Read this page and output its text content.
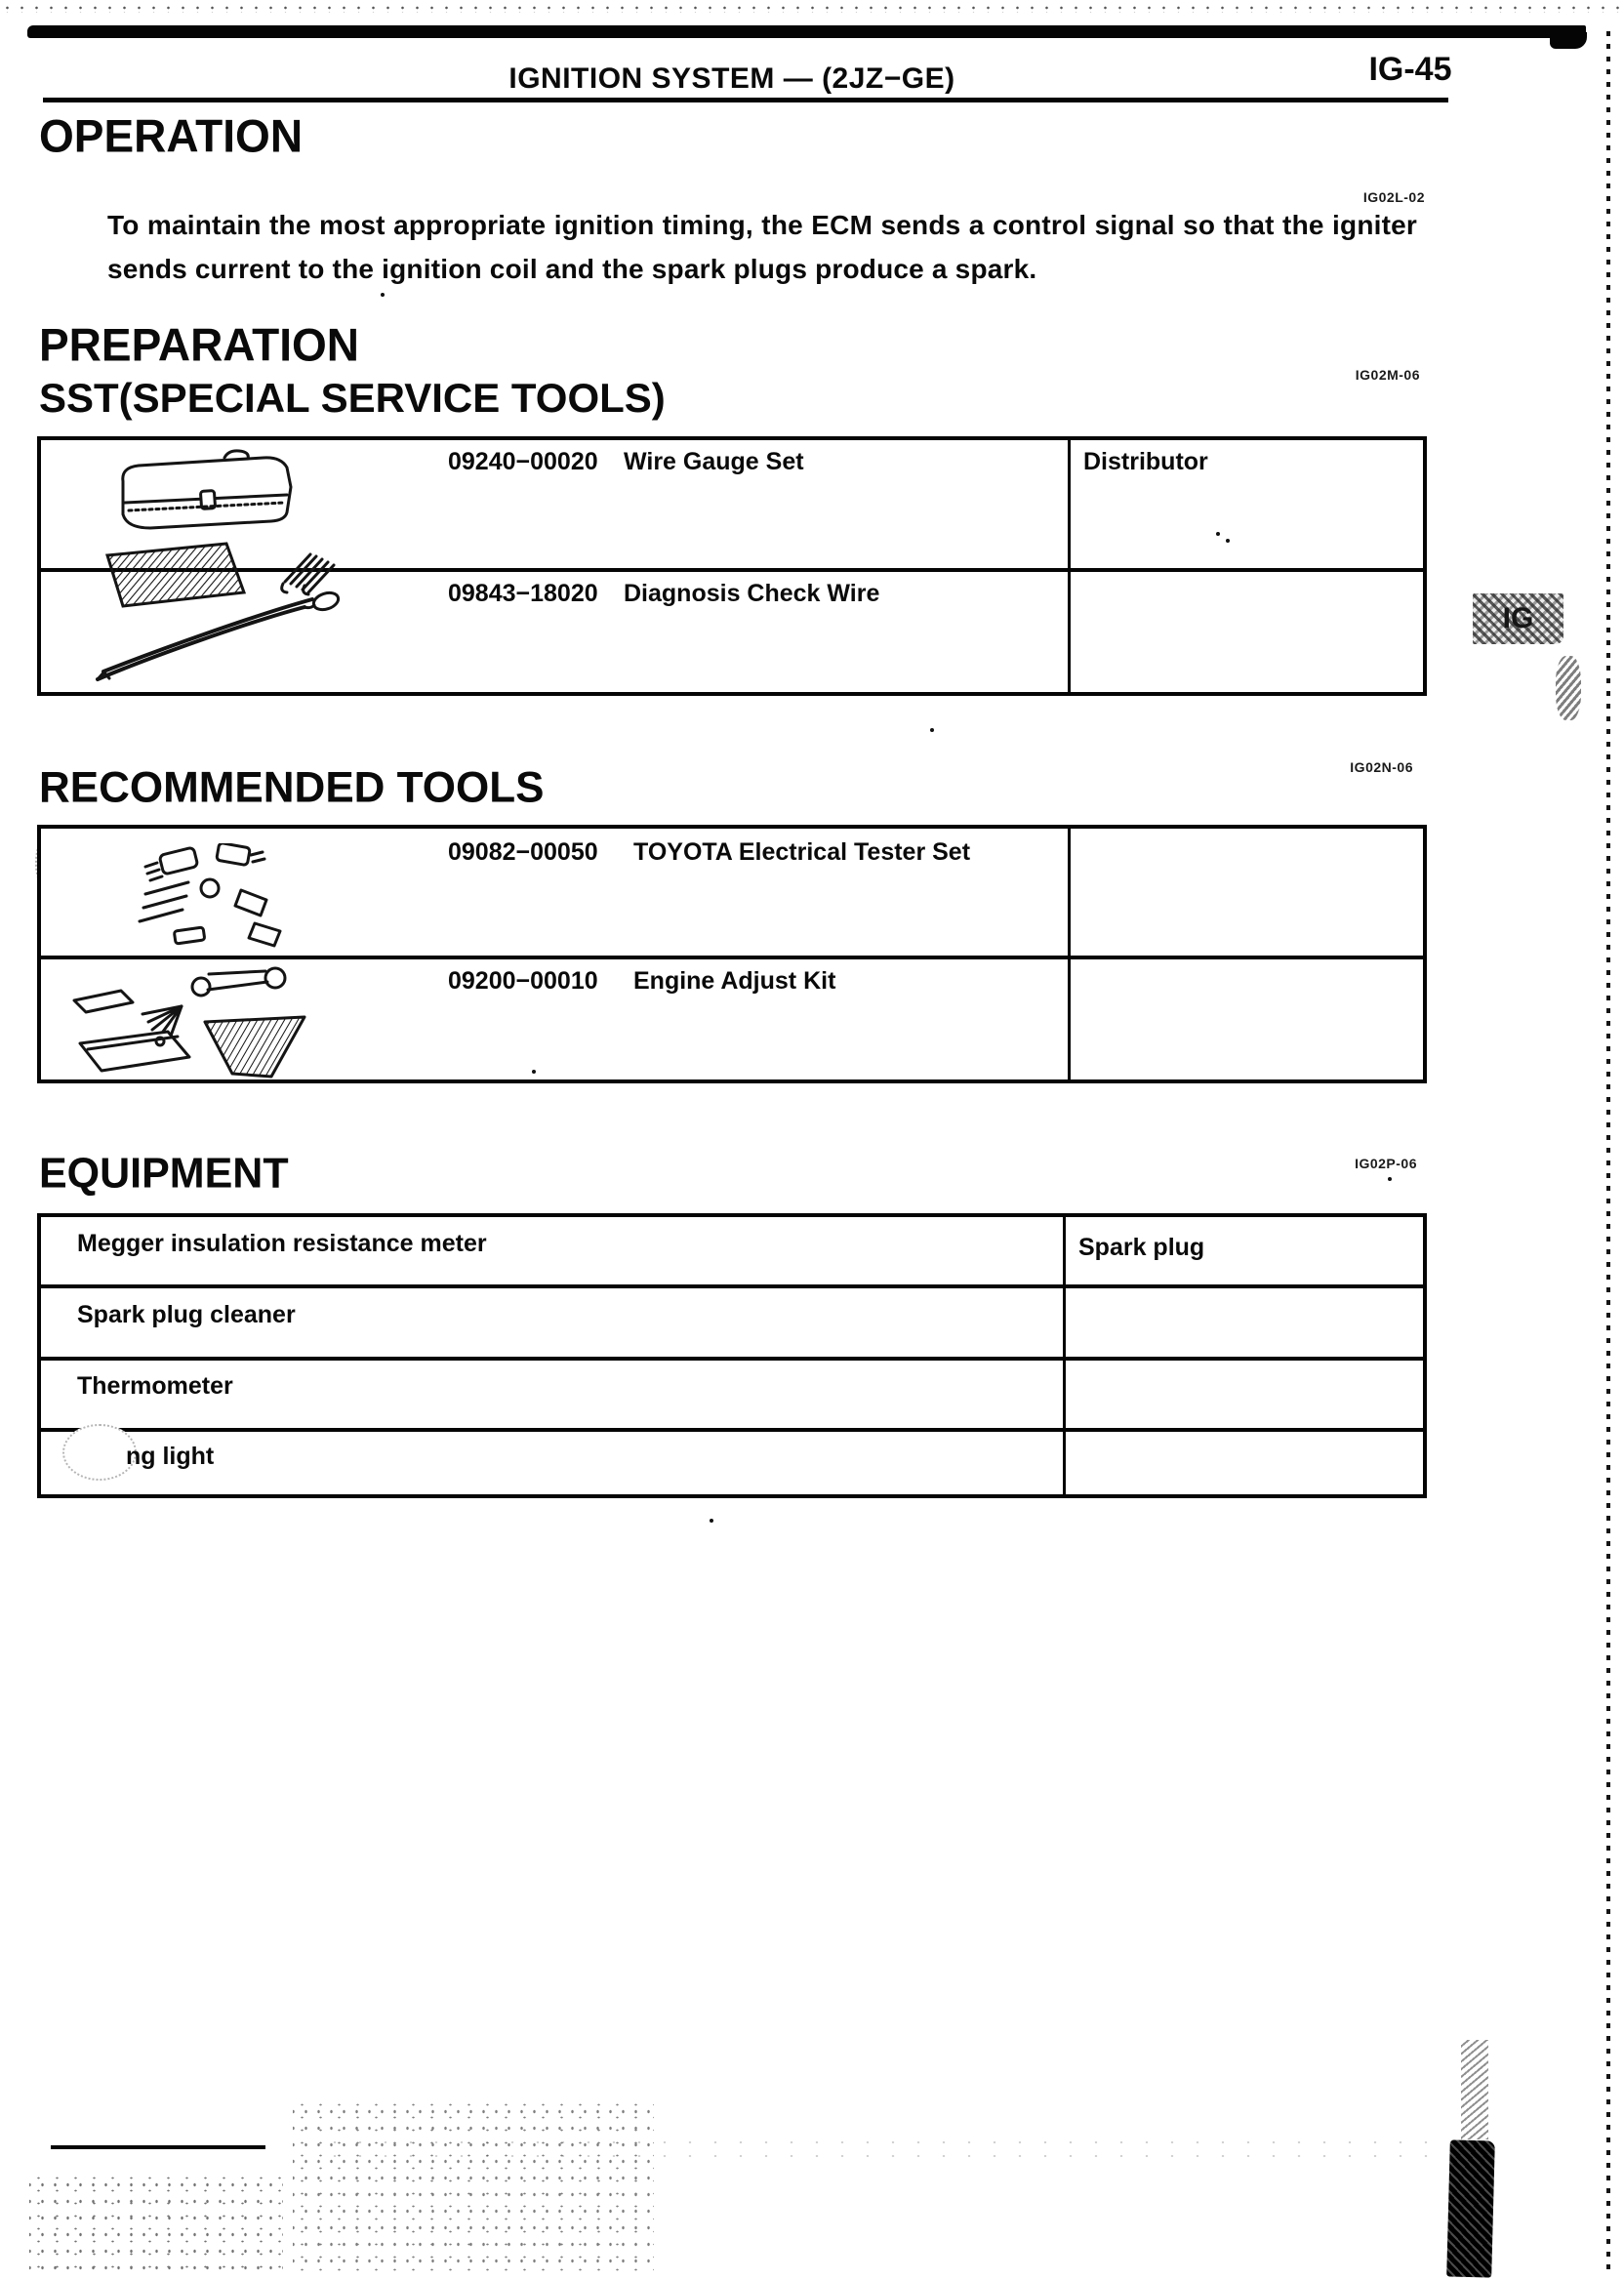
IGNITION SYSTEM — (2JZ−GE)	IG-45
OPERATION
IG02L-02
To maintain the most appropriate ignition timing, the ECM sends a control signal so that the igniter sends current to the ignition coil and the spark plugs produce a spark.
PREPARATION
SST(SPECIAL SERVICE TOOLS)	IG02M-06
09240−00020 Wire Gauge Set	Distributor
09843−18020 Diagnosis Check Wire
IG
RECOMMENDED TOOLS	IG02N-06
09082−00050 TOYOTA Electrical Tester Set
09200−00010 Engine Adjust Kit
EQUIPMENT	IG02P-06
Megger insulation resistance meter	Spark plug
Spark plug cleaner
Thermometer
ng light
